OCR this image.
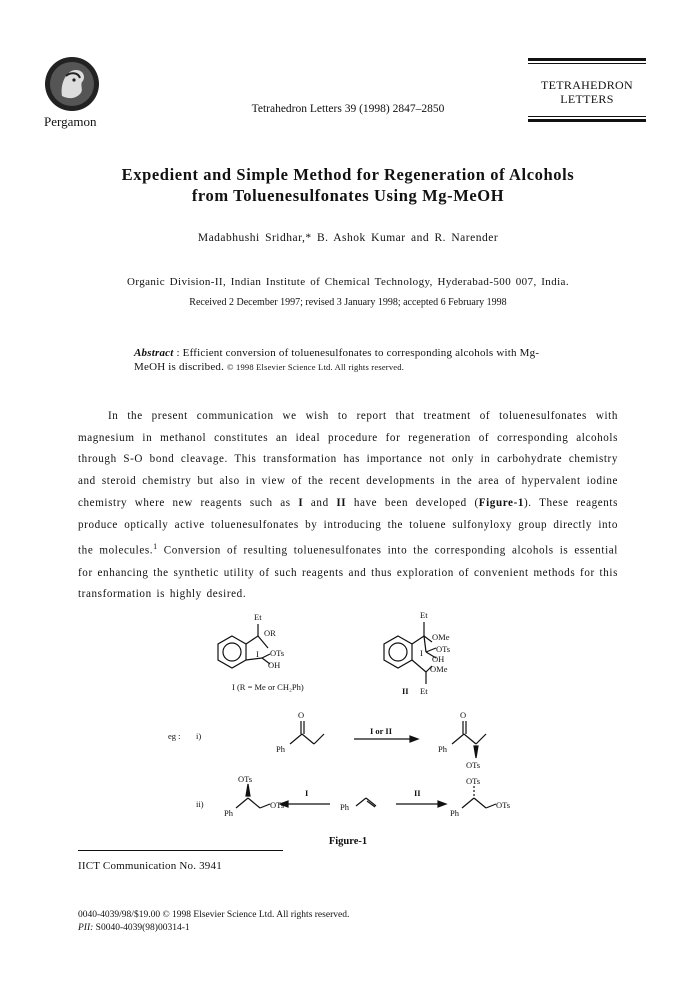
Pergamon
Tetrahedron Letters 39 (1998) 2847–2850
TETRAHEDRON
LETTERS
Expedient and Simple Method for Regeneration of Alcohols
from Toluenesulfonates Using Mg-MeOH
Madabhushi Sridhar,* B. Ashok Kumar and R. Narender
Organic Division-II, Indian Institute of Chemical Technology, Hyderabad-500 007, India.
Received 2 December 1997; revised 3 January 1998; accepted 6 February 1998
Abstract : Efficient conversion of toluenesulfonates to corresponding alcohols with Mg-MeOH is discribed. © 1998 Elsevier Science Ltd. All rights reserved.

In the present communication we wish to report that treatment of toluenesulfonates with magnesium in methanol constitutes an ideal procedure for regeneration of corresponding alcohols through S-O bond cleavage. This transformation has importance not only in carbohydrate chemistry and steroid chemistry but also in view of the recent developments in the area of hypervalent iodine chemistry where new reagents such as I and II have been developed (Figure-1). These reagents produce optically active toluenesulfonates by introducing the toluene sulfonyloxy group directly into the molecules.$^1$ Conversion of resulting toluenesulfonates into the corresponding alcohols is essential for enhancing the synthetic utility of such reagents and thus exploration of convenient methods for this transformation is highly desired.

Et
OR
I OTs
OH
I (R = Me or CH₂Ph)
Et
OMe
I OTs
OH
OMe
Et
II
eg : i)
O
Ph
I or II
O
Ph
OTs
ii)
OTs
Ph
OTs
I
Ph
II
OTs
Ph
OTs
Figure-1
IICT Communication No. 3941
0040-4039/98/$19.00 © 1998 Elsevier Science Ltd. All rights reserved.
PII: S0040-4039(98)00314-1
